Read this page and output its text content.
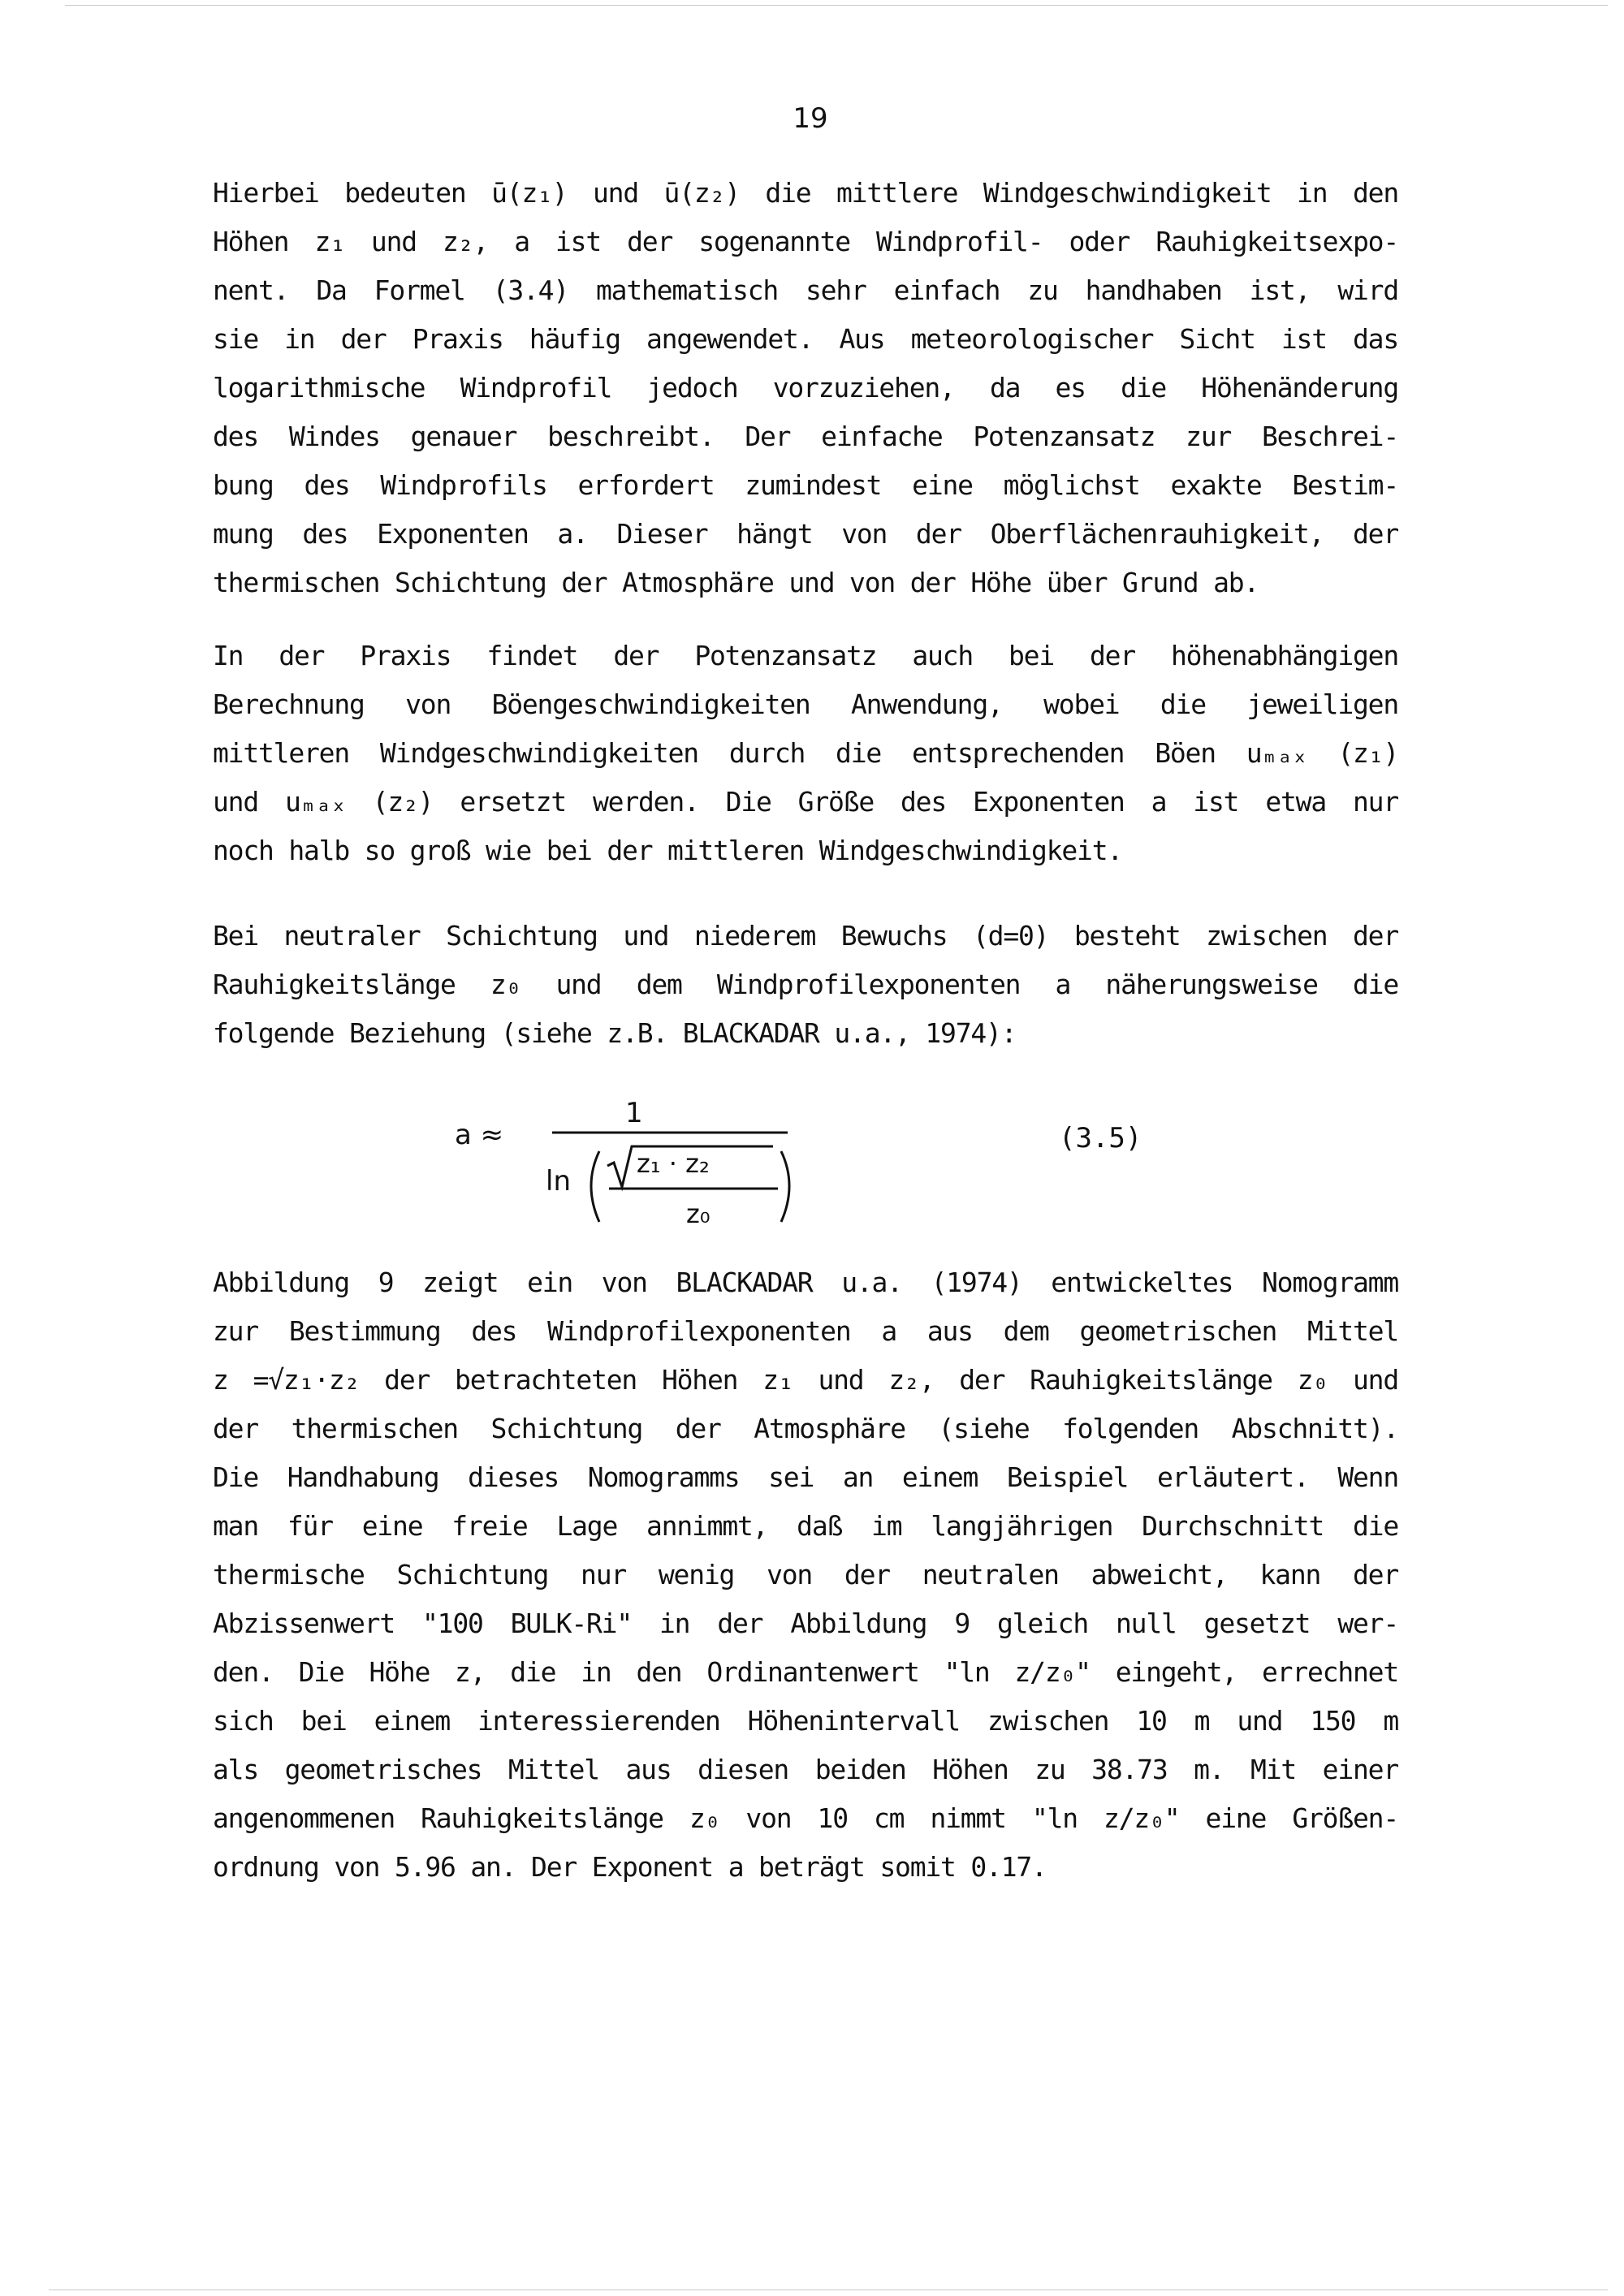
19
Hierbei bedeuten ū(z₁) und ū(z₂) die mittlere Windgeschwindigkeit in den
Höhen z₁ und z₂, a ist der sogenannte Windprofil- oder Rauhigkeitsexpo-
nent. Da Formel (3.4) mathematisch sehr einfach zu handhaben ist, wird
sie in der Praxis häufig angewendet. Aus meteorologischer Sicht ist das
logarithmische Windprofil jedoch vorzuziehen, da es die Höhenänderung
des Windes genauer beschreibt. Der einfache Potenzansatz zur Beschrei-
bung des Windprofils erfordert zumindest eine möglichst exakte Bestim-
mung des Exponenten a. Dieser hängt von der Oberflächenrauhigkeit, der
thermischen Schichtung der Atmosphäre und von der Höhe über Grund ab.
In der Praxis findet der Potenzansatz auch bei der höhenabhängigen
Berechnung von Böengeschwindigkeiten Anwendung, wobei die jeweiligen
mittleren Windgeschwindigkeiten durch die entsprechenden Böen uₘₐₓ (z₁)
und uₘₐₓ (z₂) ersetzt werden. Die Größe des Exponenten a ist etwa nur
noch halb so groß wie bei der mittleren Windgeschwindigkeit.
Bei neutraler Schichtung und niederem Bewuchs (d=0) besteht zwischen der
Rauhigkeitslänge z₀ und dem Windprofilexponenten a näherungsweise die
folgende Beziehung (siehe z.B. BLACKADAR u.a., 1974):
a ≈
1
ln
z₁ · z₂
z₀
(3.5)
Abbildung 9 zeigt ein von BLACKADAR u.a. (1974) entwickeltes Nomogramm
zur Bestimmung des Windprofilexponenten a aus dem geometrischen Mittel
z =√z₁·z₂ der betrachteten Höhen z₁ und z₂, der Rauhigkeitslänge z₀ und
der thermischen Schichtung der Atmosphäre (siehe folgenden Abschnitt).
Die Handhabung dieses Nomogramms sei an einem Beispiel erläutert. Wenn
man für eine freie Lage annimmt, daß im langjährigen Durchschnitt die
thermische Schichtung nur wenig von der neutralen abweicht, kann der
Abzissenwert "100 BULK-Ri" in der Abbildung 9 gleich null gesetzt wer-
den. Die Höhe z, die in den Ordinantenwert "ln z/z₀" eingeht, errechnet
sich bei einem interessierenden Höhenintervall zwischen 10 m und 150 m
als geometrisches Mittel aus diesen beiden Höhen zu 38.73 m. Mit einer
angenommenen Rauhigkeitslänge z₀ von 10 cm nimmt "ln z/z₀" eine Größen-
ordnung von 5.96 an. Der Exponent a beträgt somit 0.17.
